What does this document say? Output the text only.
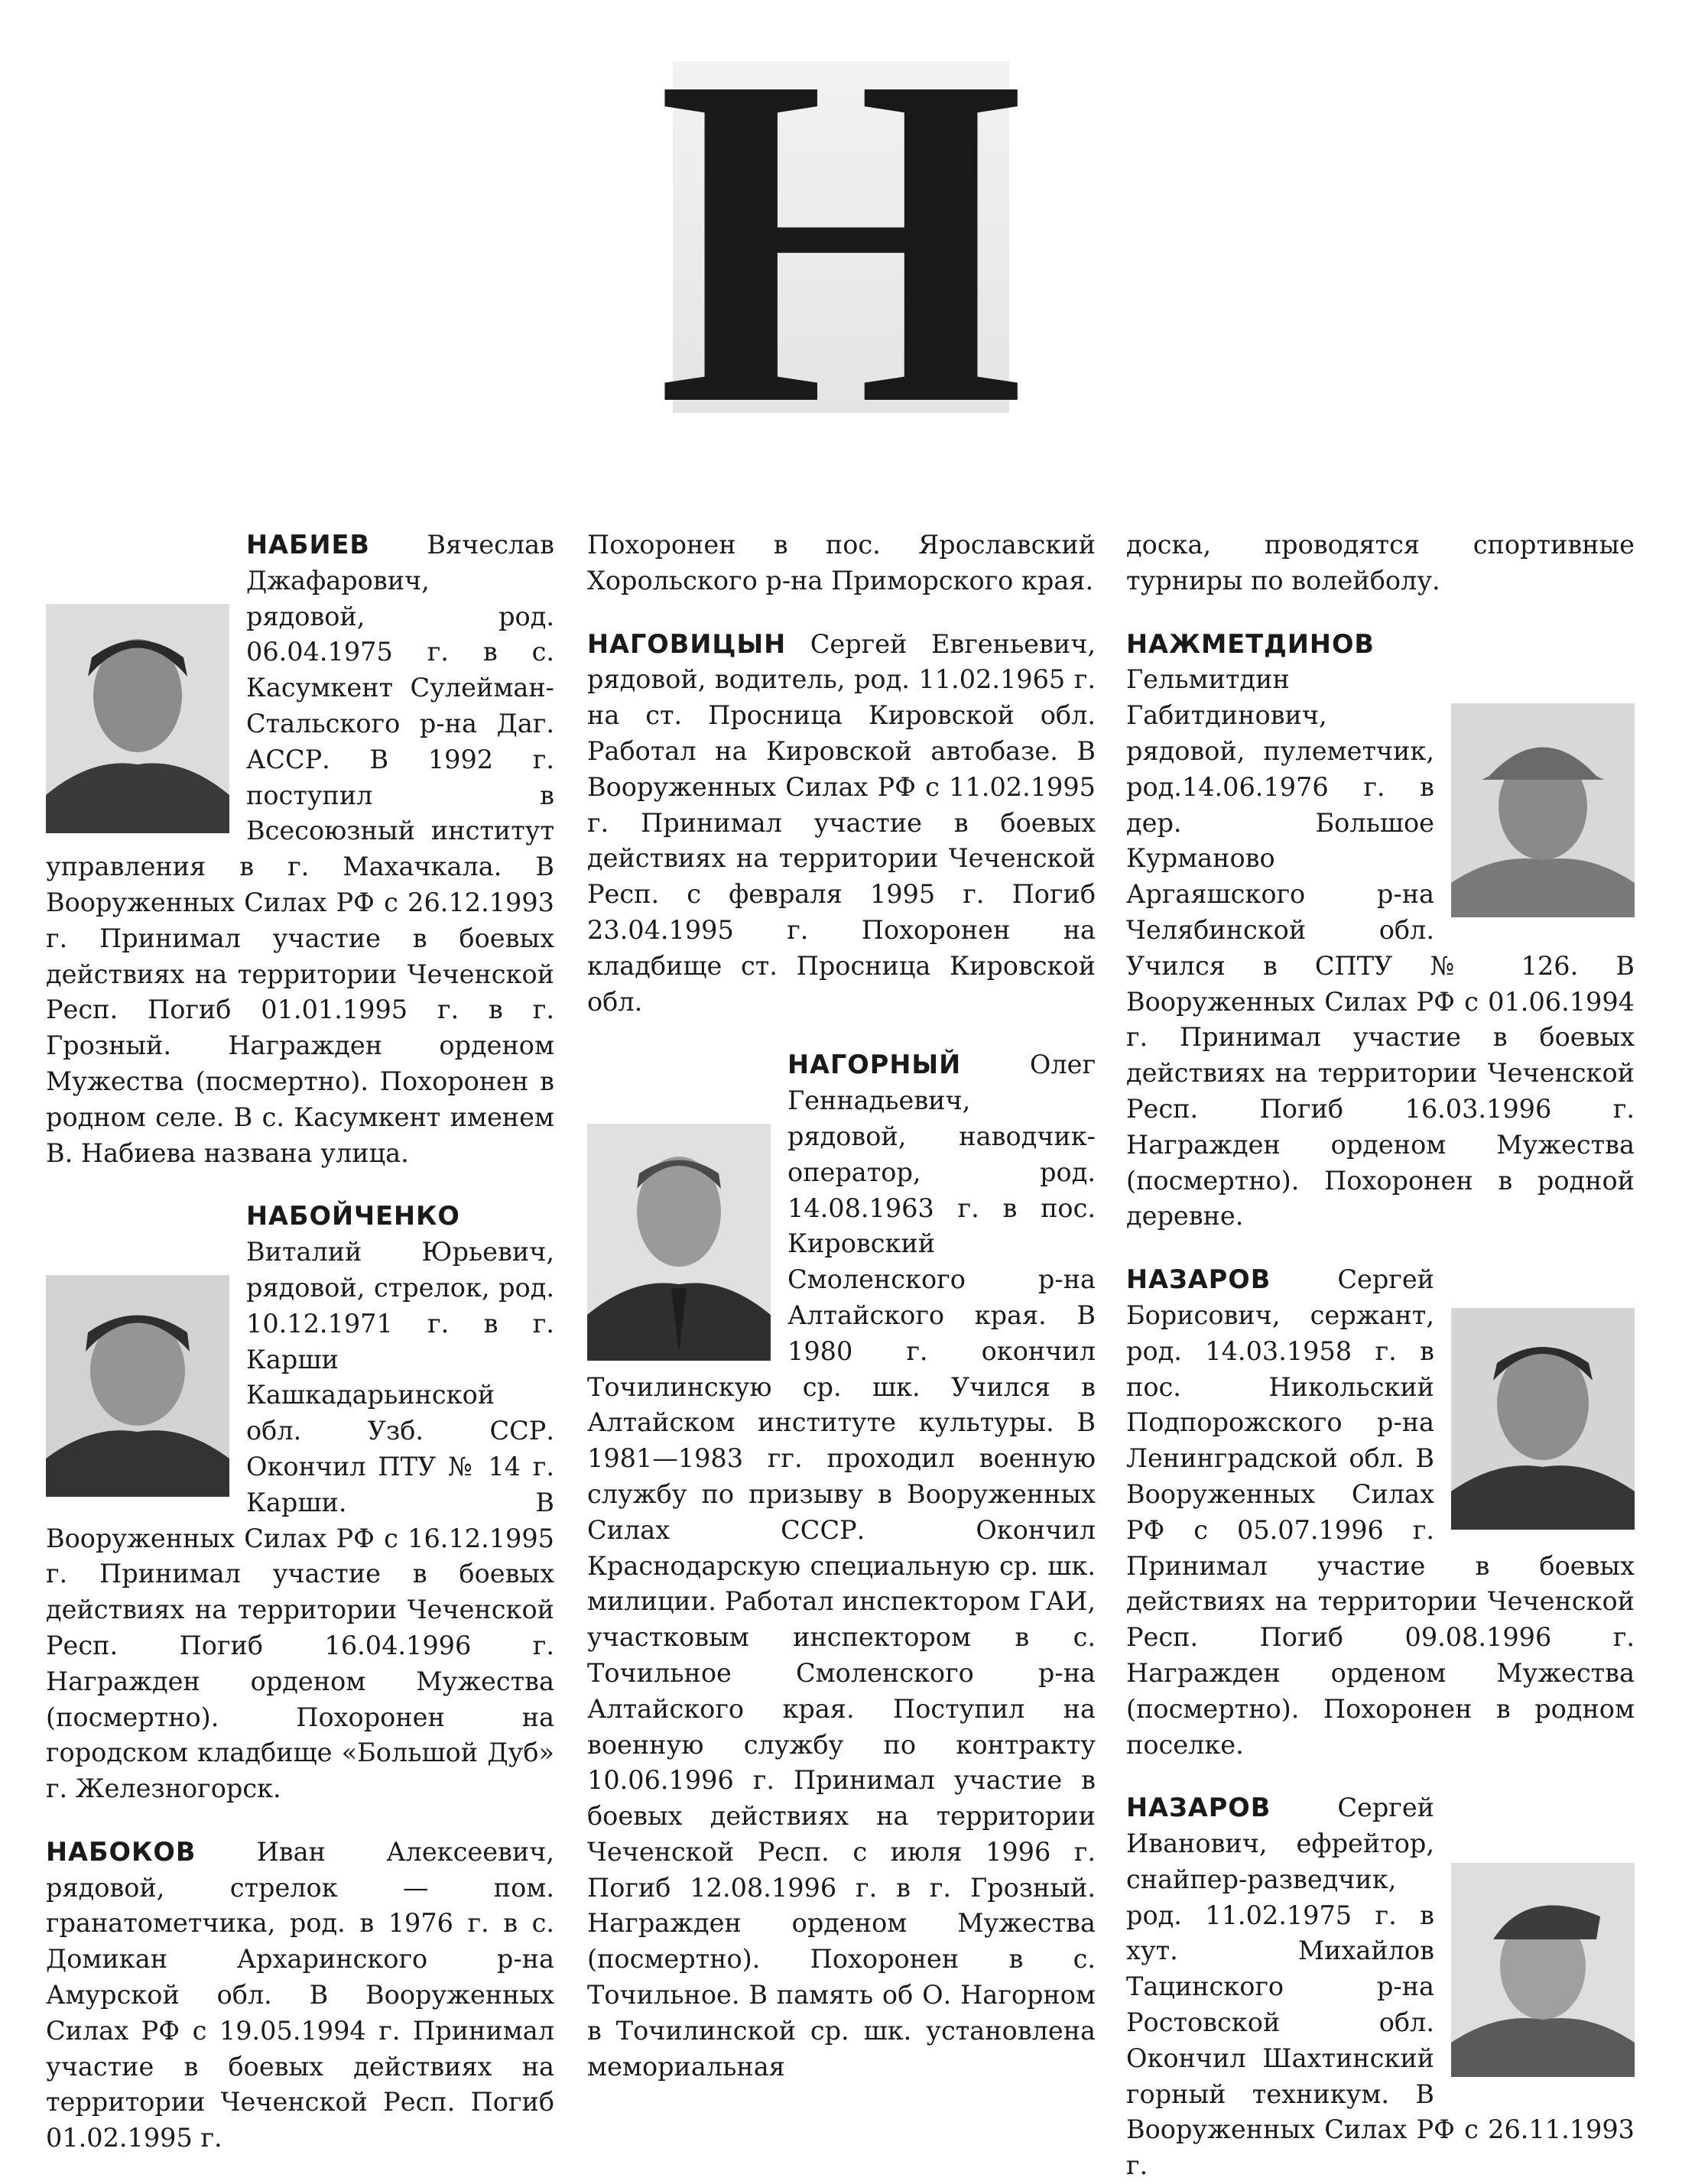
Н

НАБИЕВ Вячеслав Джафарович, рядовой, род. 06.04.1975 г. в с. Касумкент Сулейман-Стальского р-на Даг. АССР. В 1992 г. поступил в Всесоюзный институт управления в г. Махачкала. В Вооруженных Силах РФ с 26.12.1993 г. Принимал участие в боевых действиях на территории Чеченской Респ. Погиб 01.01.1995 г. в г. Грозный. Награжден орденом Мужества (посмертно). Похоронен в родном селе. В с. Касумкент именем В. Набиева названа улица.

НАБОЙЧЕНКО Виталий Юрьевич, рядовой, стрелок, род. 10.12.1971 г. в г. Карши Кашкадарьинской обл. Узб. ССР. Окончил ПТУ № 14 г. Карши. В Вооруженных Силах РФ с 16.12.1995 г. Принимал участие в боевых действиях на территории Чеченской Респ. Погиб 16.04.1996 г. Награжден орденом Мужества (посмертно). Похоронен на городском кладбище «Большой Дуб» г. Железногорск.

НАБОКОВ Иван Алексеевич, рядовой, стрелок — пом. гранатометчика, род. в 1976 г. в с. Домикан Архаринского р-на Амурской обл. В Вооруженных Силах РФ с 19.05.1994 г. Принимал участие в боевых действиях на территории Чеченской Респ. Погиб 01.02.1995 г.

Похоронен в пос. Ярославский Хорольского р-на Приморского края.

НАГОВИЦЫН Сергей Евгеньевич, рядовой, водитель, род. 11.02.1965 г. на ст. Просница Кировской обл. Работал на Кировской автобазе. В Вооруженных Силах РФ с 11.02.1995 г. Принимал участие в боевых действиях на территории Чеченской Респ. с февраля 1995 г. Погиб 23.04.1995 г. Похоронен на кладбище ст. Просница Кировской обл.

НАГОРНЫЙ Олег Геннадьевич, рядовой, наводчик-оператор, род. 14.08.1963 г. в пос. Кировский Смоленского р-на Алтайского края. В 1980 г. окончил Точилинскую ср. шк. Учился в Алтайском институте культуры. В 1981—1983 гг. проходил военную службу по призыву в Вооруженных Силах СССР. Окончил Краснодарскую специальную ср. шк. милиции. Работал инспектором ГАИ, участковым инспектором в с. Точильное Смоленского р-на Алтайского края. Поступил на военную службу по контракту 10.06.1996 г. Принимал участие в боевых действиях на территории Чеченской Респ. с июля 1996 г. Погиб 12.08.1996 г. в г. Грозный. Награжден орденом Мужества (посмертно). Похоронен в с. Точильное. В память об О. Нагорном в Точилинской ср. шк. установлена мемориальная

доска, проводятся спортивные турниры по волейболу.

НАЖМЕТДИНОВ Гельмитдин Габитдинович, рядовой, пулеметчик, род.14.06.1976 г. в дер. Большое Курманово Аргаяшского р-на Челябинской обл. Учился в СПТУ № 126. В Вооруженных Силах РФ с 01.06.1994 г. Принимал участие в боевых действиях на территории Чеченской Респ. Погиб 16.03.1996 г. Награжден орденом Мужества (посмертно). Похоронен в родной деревне.

НАЗАРОВ Сергей Борисович, сержант, род. 14.03.1958 г. в пос. Никольский Подпорожского р-на Ленинградской обл. В Вооруженных Силах РФ с 05.07.1996 г. Принимал участие в боевых действиях на территории Чеченской Респ. Погиб 09.08.1996 г. Награжден орденом Мужества (посмертно). Похоронен в родном поселке.

НАЗАРОВ Сергей Иванович, ефрейтор, снайпер-разведчик, род. 11.02.1975 г. в хут. Михайлов Тацинского р-на Ростовской обл. Окончил Шахтинский горный техникум. В Вооруженных Силах РФ с 26.11.1993 г.
